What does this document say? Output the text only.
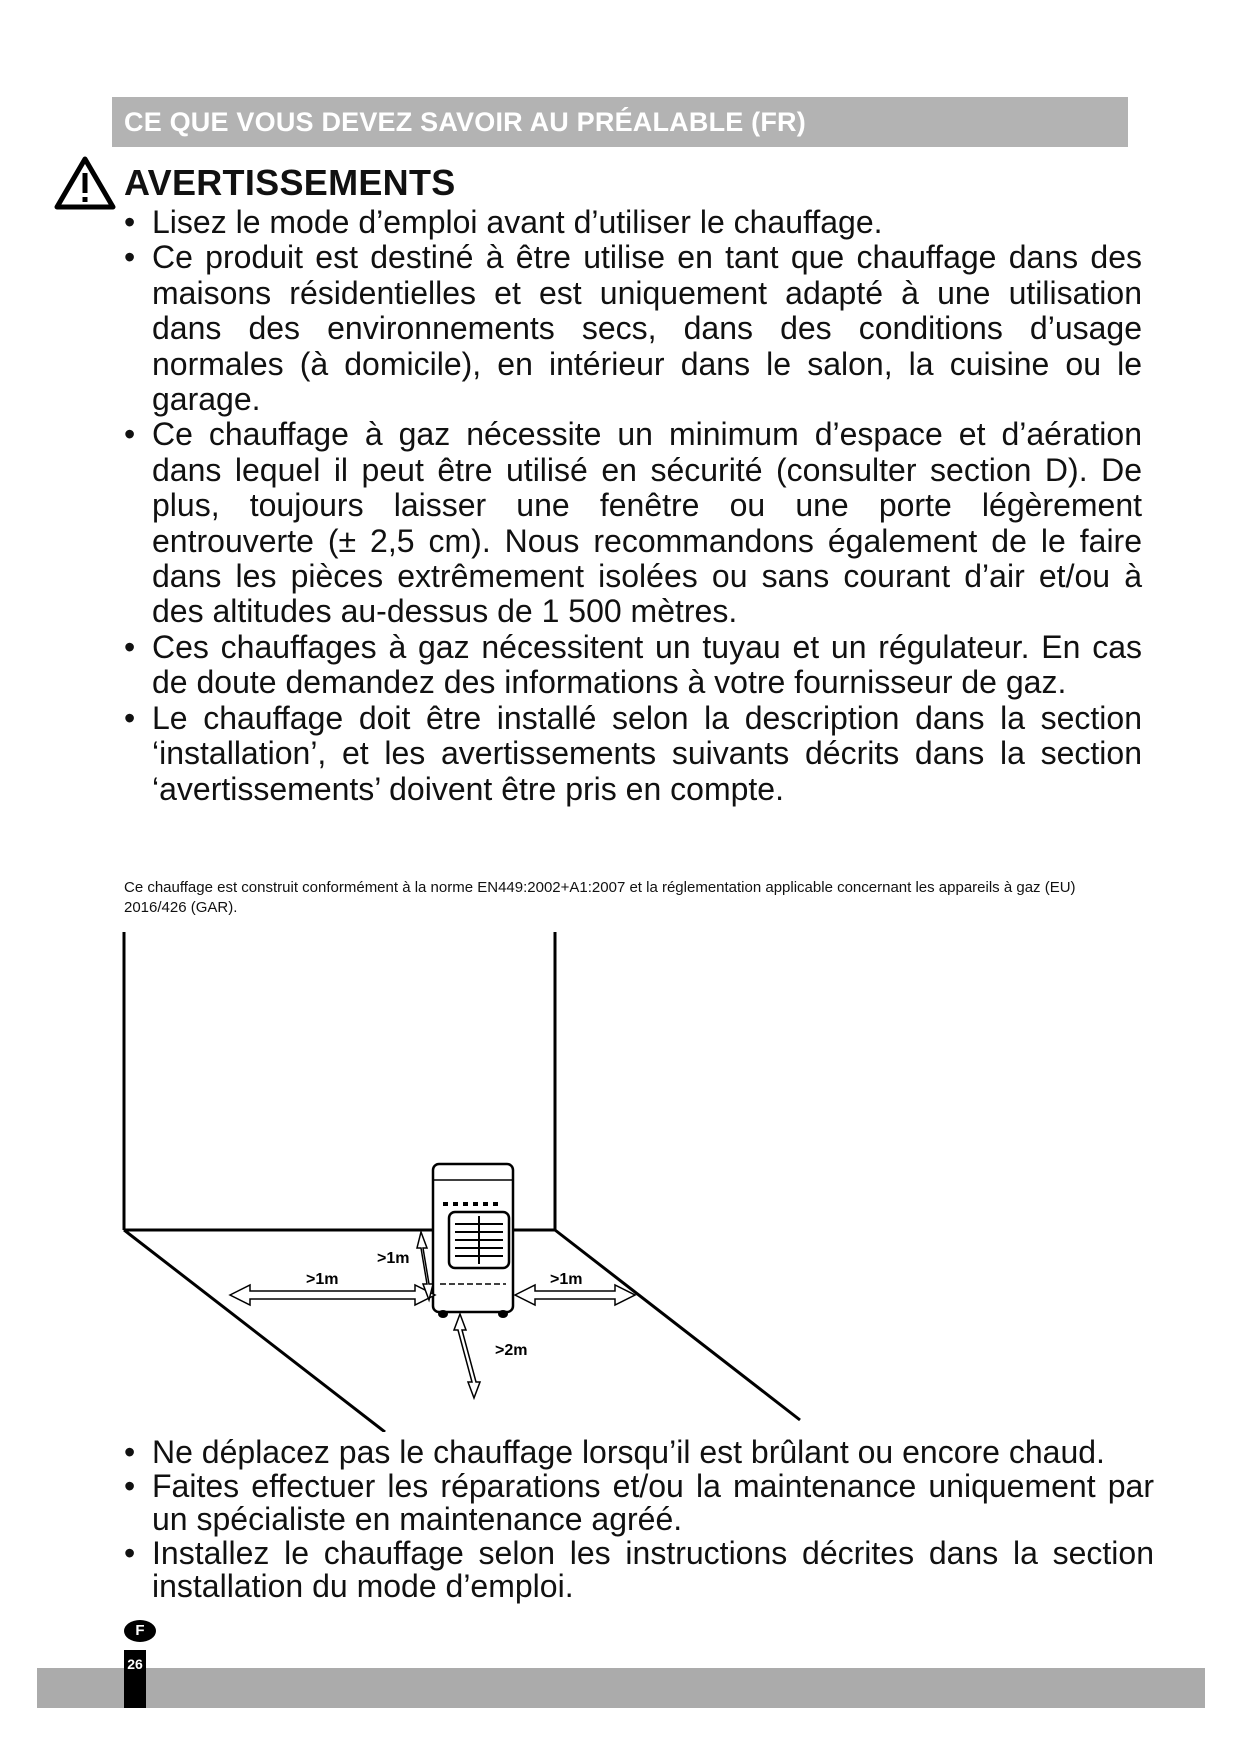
CE QUE VOUS DEVEZ SAVOIR AU PRÉALABLE (FR)
AVERTISSEMENTS
• Lisez le mode d’emploi avant d’utiliser le chauffage.
• Ce produit est destiné à être utilise en tant que chauffage dans des maisons résidentielles et est uniquement adapté à une utilisation dans des environnements secs, dans des conditions d’usage normales (à domicile), en intérieur dans le salon, la cuisine ou le garage.
• Ce chauffage à gaz nécessite un minimum d’espace et d’aération dans lequel il peut être utilisé en sécurité (consulter section D). De plus, toujours laisser une fenêtre ou une porte légèrement entrouverte (± 2,5 cm). Nous recommandons également de le faire dans les pièces extrêmement isolées ou sans courant d’air et/ou à des altitudes au-dessus de 1 500 mètres.
• Ces chauffages à gaz nécessitent un tuyau et un régulateur. En cas de doute demandez des informations à votre fournisseur de gaz.
• Le chauffage doit être installé selon la description dans la section ‘installation’, et les avertissements suivants décrits dans la section ‘avertissements’ doivent être pris en compte.
Ce chauffage est construit conformément à la norme EN449:2002+A1:2007 et la réglementation applicable concernant les appareils à gaz (EU) 2016/426 (GAR).
>1m
>1m	>1m
>2m
• Ne déplacez pas le chauffage lorsqu’il est brûlant ou encore chaud.
• Faites effectuer les réparations et/ou la maintenance uniquement par un spécialiste en maintenance agréé.
• Installez le chauffage selon les instructions décrites dans la section installation du mode d’emploi.
F
26
